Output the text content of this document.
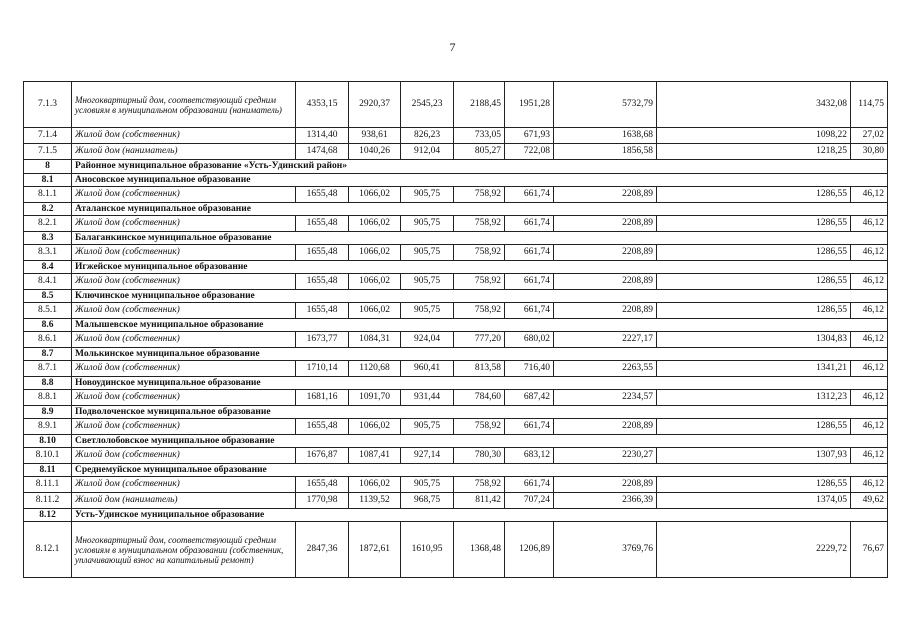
7
7.1.3	Многоквартирный дом, соответствующий средним условиям в муниципальном образовании (наниматель)	4353,15	2920,37	2545,23	2188,45	1951,28	5732,79	3432,08	114,75
7.1.4	Жилой дом (собственник)	1314,40	938,61	826,23	733,05	671,93	1638,68	1098,22	27,02
7.1.5	Жилой дом (наниматель)	1474,68	1040,26	912,04	805,27	722,08	1856,58	1218,25	30,80
8	Районное муниципальное образование «Усть-Удинский район»								
8.1	Аносовское муниципальное образование								
8.1.1	Жилой дом (собственник)	1655,48	1066,02	905,75	758,92	661,74	2208,89	1286,55	46,12
8.2	Аталанское муниципальное образование								
8.2.1	Жилой дом (собственник)	1655,48	1066,02	905,75	758,92	661,74	2208,89	1286,55	46,12
8.3	Балаганкинское муниципальное образование								
8.3.1	Жилой дом (собственник)	1655,48	1066,02	905,75	758,92	661,74	2208,89	1286,55	46,12
8.4	Игжейское муниципальное образование								
8.4.1	Жилой дом (собственник)	1655,48	1066,02	905,75	758,92	661,74	2208,89	1286,55	46,12
8.5	Ключинское муниципальное образование								
8.5.1	Жилой дом (собственник)	1655,48	1066,02	905,75	758,92	661,74	2208,89	1286,55	46,12
8.6	Малышевское муниципальное образование								
8.6.1	Жилой дом (собственник)	1673,77	1084,31	924,04	777,20	680,02	2227,17	1304,83	46,12
8.7	Молькинское муниципальное образование								
8.7.1	Жилой дом (собственник)	1710,14	1120,68	960,41	813,58	716,40	2263,55	1341,21	46,12
8.8	Новоудинское муниципальное образование								
8.8.1	Жилой дом (собственник)	1681,16	1091,70	931,44	784,60	687,42	2234,57	1312,23	46,12
8.9	Подволоченское муниципальное образование								
8.9.1	Жилой дом (собственник)	1655,48	1066,02	905,75	758,92	661,74	2208,89	1286,55	46,12
8.10	Светлолобовское муниципальное образование								
8.10.1	Жилой дом (собственник)	1676,87	1087,41	927,14	780,30	683,12	2230,27	1307,93	46,12
8.11	Среднемуйское муниципальное образование								
8.11.1	Жилой дом (собственник)	1655,48	1066,02	905,75	758,92	661,74	2208,89	1286,55	46,12
8.11.2	Жилой дом (наниматель)	1770,98	1139,52	968,75	811,42	707,24	2366,39	1374,05	49,62
8.12	Усть-Удинское муниципальное образование								
8.12.1	Многоквартирный дом, соответствующий средним условиям в муниципальном образовании (собственник, уплачивающий взнос на капитальный ремонт)	2847,36	1872,61	1610,95	1368,48	1206,89	3769,76	2229,72	76,67
